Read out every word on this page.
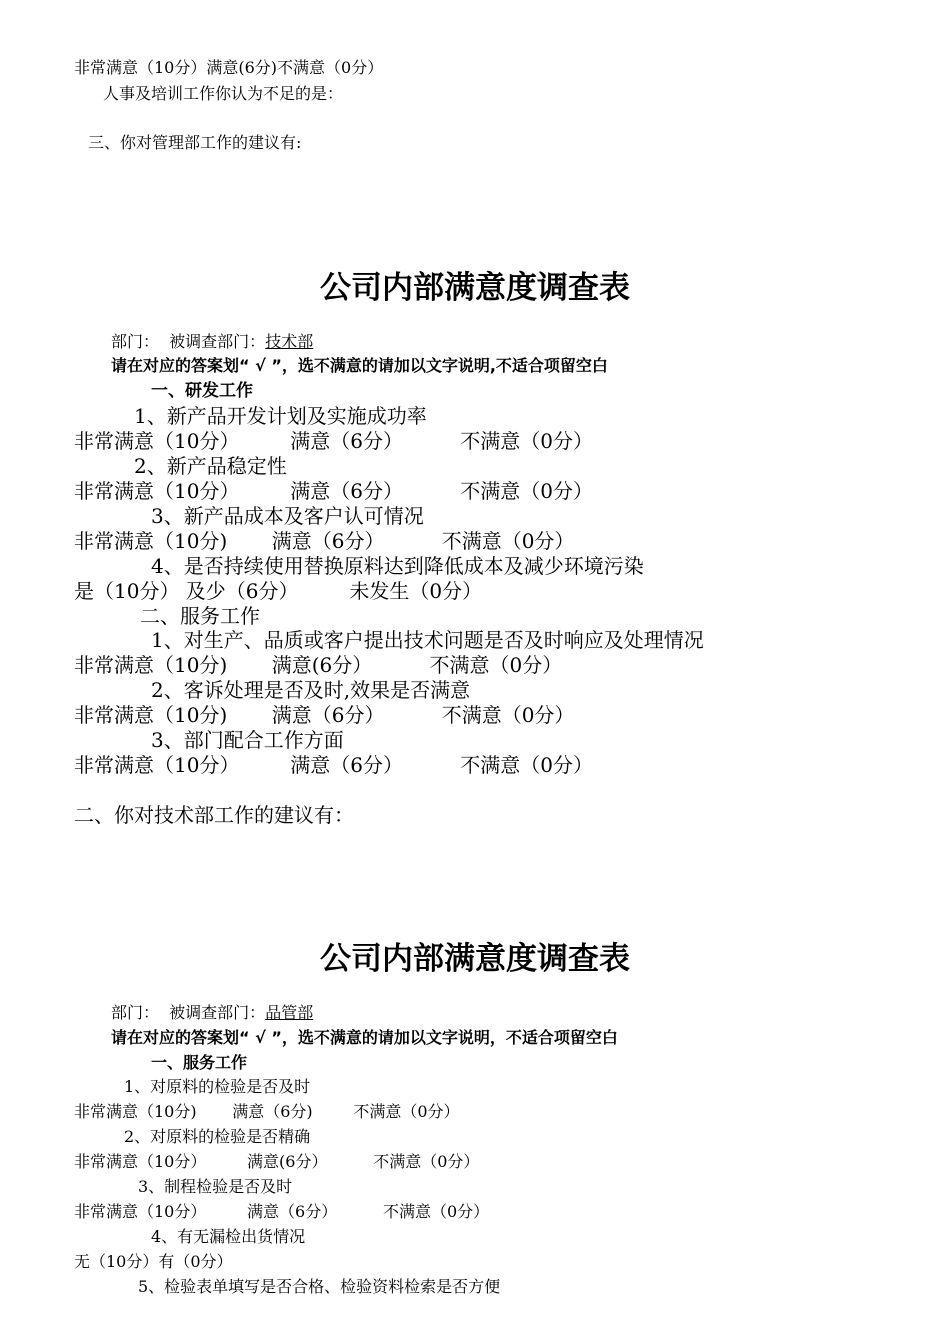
非常满意（10分）满意(6分)不满意（0分）
人事及培训工作你认为不足的是：
三、你对管理部工作的建议有:
公司内部满意度调查表
部门：  被调查部门：技术部
请在对应的答案划“ √ ”，选不满意的请加以文字说明,不适合项留空白
一、研发工作
1、新产品开发计划及实施成功率
非常满意（10分）        满意（6分）         不满意（0分）
2、新产品稳定性
非常满意（10分）        满意（6分）         不满意（0分）
3、新产品成本及客户认可情况
非常满意（10分)       满意（6分）         不满意（0分）
4、是否持续使用替换原料达到降低成本及减少环境污染
是（10分） 及少（6分）        未发生（0分）
二、服务工作
1、对生产、品质或客户提出技术问题是否及时响应及处理情况
非常满意（10分)       满意(6分）         不满意（0分）
2、客诉处理是否及时,效果是否满意
非常满意（10分)       满意（6分）         不满意（0分）
3、部门配合工作方面
非常满意（10分）        满意（6分）         不满意（0分）
二、你对技术部工作的建议有：
公司内部满意度调查表
部门：  被调查部门：品管部
请在对应的答案划“ √ ”，选不满意的请加以文字说明，不适合项留空白
一、服务工作
1、对原料的检验是否及时
非常满意（10分)       满意（6分)        不满意（0分）
2、对原料的检验是否精确
非常满意（10分）        满意(6分）         不满意（0分）
3、制程检验是否及时
非常满意（10分）        满意（6分）         不满意（0分）
4、有无漏检出货情况
无（10分）有（0分）
5、检验表单填写是否合格、检验资料检索是否方便
